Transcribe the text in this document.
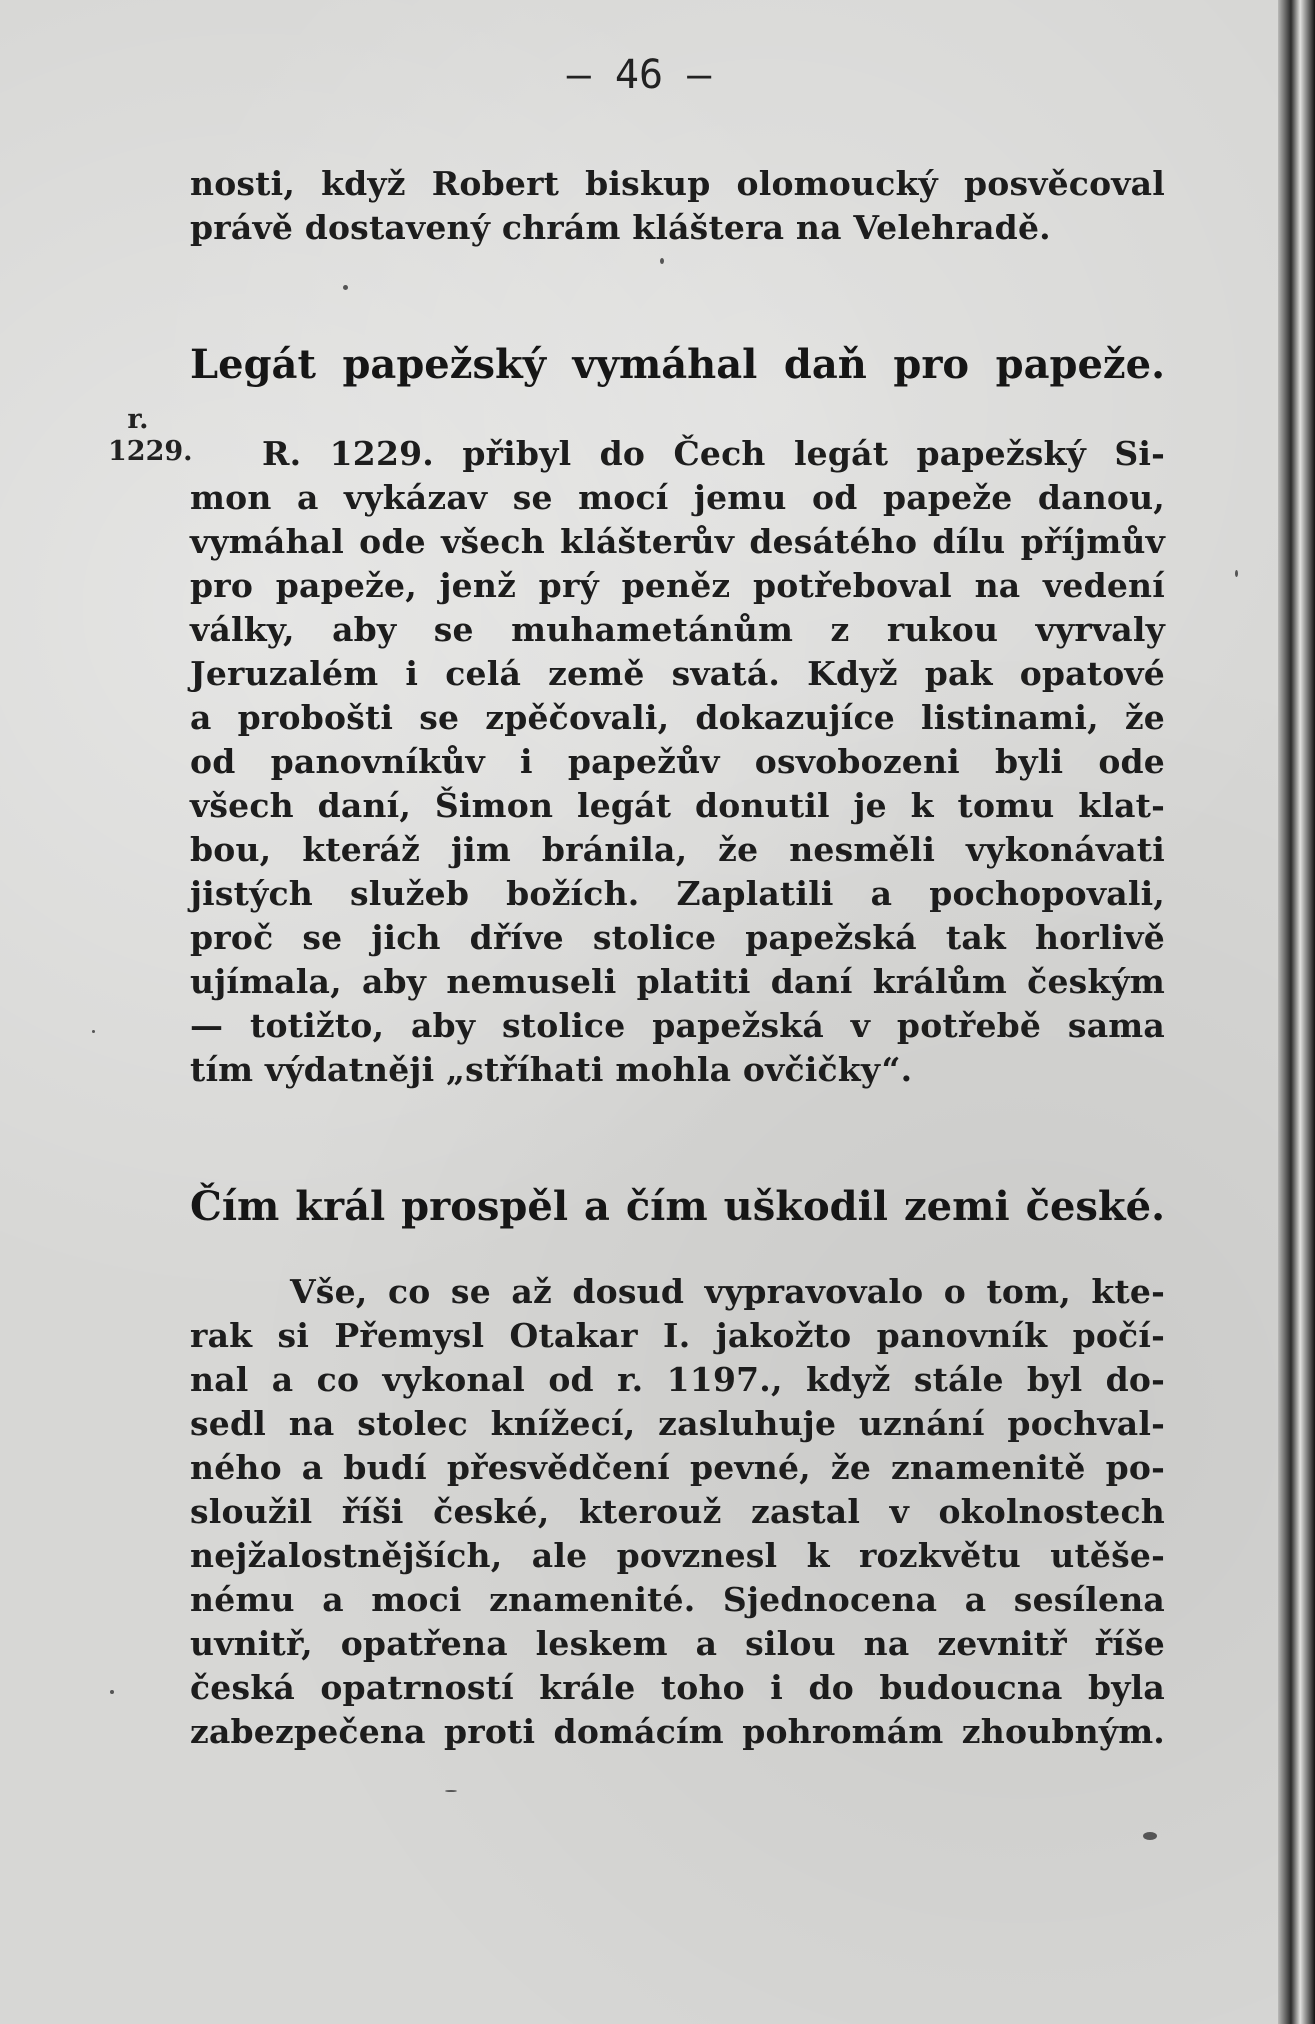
— 46 —
nosti, když Robert biskup olomoucký posvěcoval
právě dostavený chrám kláštera na Velehradě.
Legát papežský vymáhal daň pro papeže.
r.
1229.	R. 1229. přibyl do Čech legát papežský Si-
mon a vykázav se mocí jemu od papeže danou,
vymáhal ode všech klášterův desátého dílu příjmův
pro papeže, jenž prý peněz potřeboval na vedení
války, aby se muhametánům z rukou vyrvaly
Jeruzalém i celá země svatá. Když pak opatové
a probošti se zpěčovali, dokazujíce listinami, že
od panovníkův i papežův osvobozeni byli ode
všech daní, Šimon legát donutil je k tomu klat-
bou, kteráž jim bránila, že nesměli vykonávati
jistých služeb božích. Zaplatili a pochopovali,
proč se jich dříve stolice papežská tak horlivě
ujímala, aby nemuseli platiti daní králům českým
— totižto, aby stolice papežská v potřebě sama
tím výdatněji „stříhati mohla ovčičky“.
Čím král prospěl a čím uškodil zemi české.
Vše, co se až dosud vypravovalo o tom, kte-
rak si Přemysl Otakar I. jakožto panovník počí-
nal a co vykonal od r. 1197., když stále byl do-
sedl na stolec knížecí, zasluhuje uznání pochval-
ného a budí přesvědčení pevné, že znamenitě po-
sloužil říši české, kterouž zastal v okolnostech
nejžalostnějších, ale povznesl k rozkvětu utěše-
nému a moci znamenité. Sjednocena a sesílena
uvnitř, opatřena leskem a silou na zevnitř říše
česká opatrností krále toho i do budoucna byla
zabezpečena proti domácím pohromám zhoubným.
